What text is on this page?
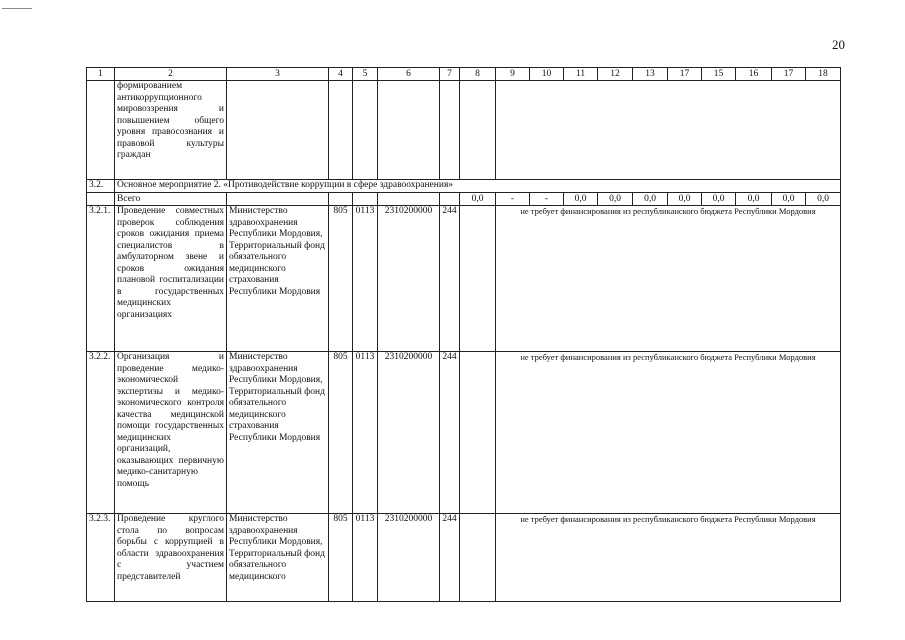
20
1	2	3	4	5	6	7	8	9	10	11	12	13	17	15	16	17	18
	формированием антикоррупционного мировоззрения и повышением общего уровня правосознания и правовой культуры граждан																
3.2.	Основное мероприятие 2. «Противодействие коррупции в сфере здравоохранения»																
	Всего						0,0	-	-	0,0	0,0	0,0	0,0	0,0	0,0	0,0	0,0
3.2.1.	Проведение совместных проверок соблюдения сроков ожидания приема специалистов в амбулаторном звене и сроков ожидания плановой госпитализации в государственных медицинских организациях	Министерство здравоохранения Республики Мордовия, Территориальный фонд обязательного медицинского страхования Республики Мордовия	805	0113	2310200000	244		не требует финансирования из республиканского бюджета Республики Мордовия									
3.2.2.	Организация и проведение медико-экономической экспертизы и медико-экономического контроля качества медицинской помощи государственных медицинских организаций, оказывающих первичную медико-санитарную помощь	Министерство здравоохранения Республики Мордовия, Территориальный фонд обязательного медицинского страхования Республики Мордовия	805	0113	2310200000	244		не требует финансирования из республиканского бюджета Республики Мордовия									
3.2.3.	Проведение круглого стола по вопросам борьбы с коррупцией в области здравоохранения с участием представителей	Министерство здравоохранения Республики Мордовия, Территориальный фонд обязательного медицинского	805	0113	2310200000	244		не требует финансирования из республиканского бюджета Республики Мордовия									
